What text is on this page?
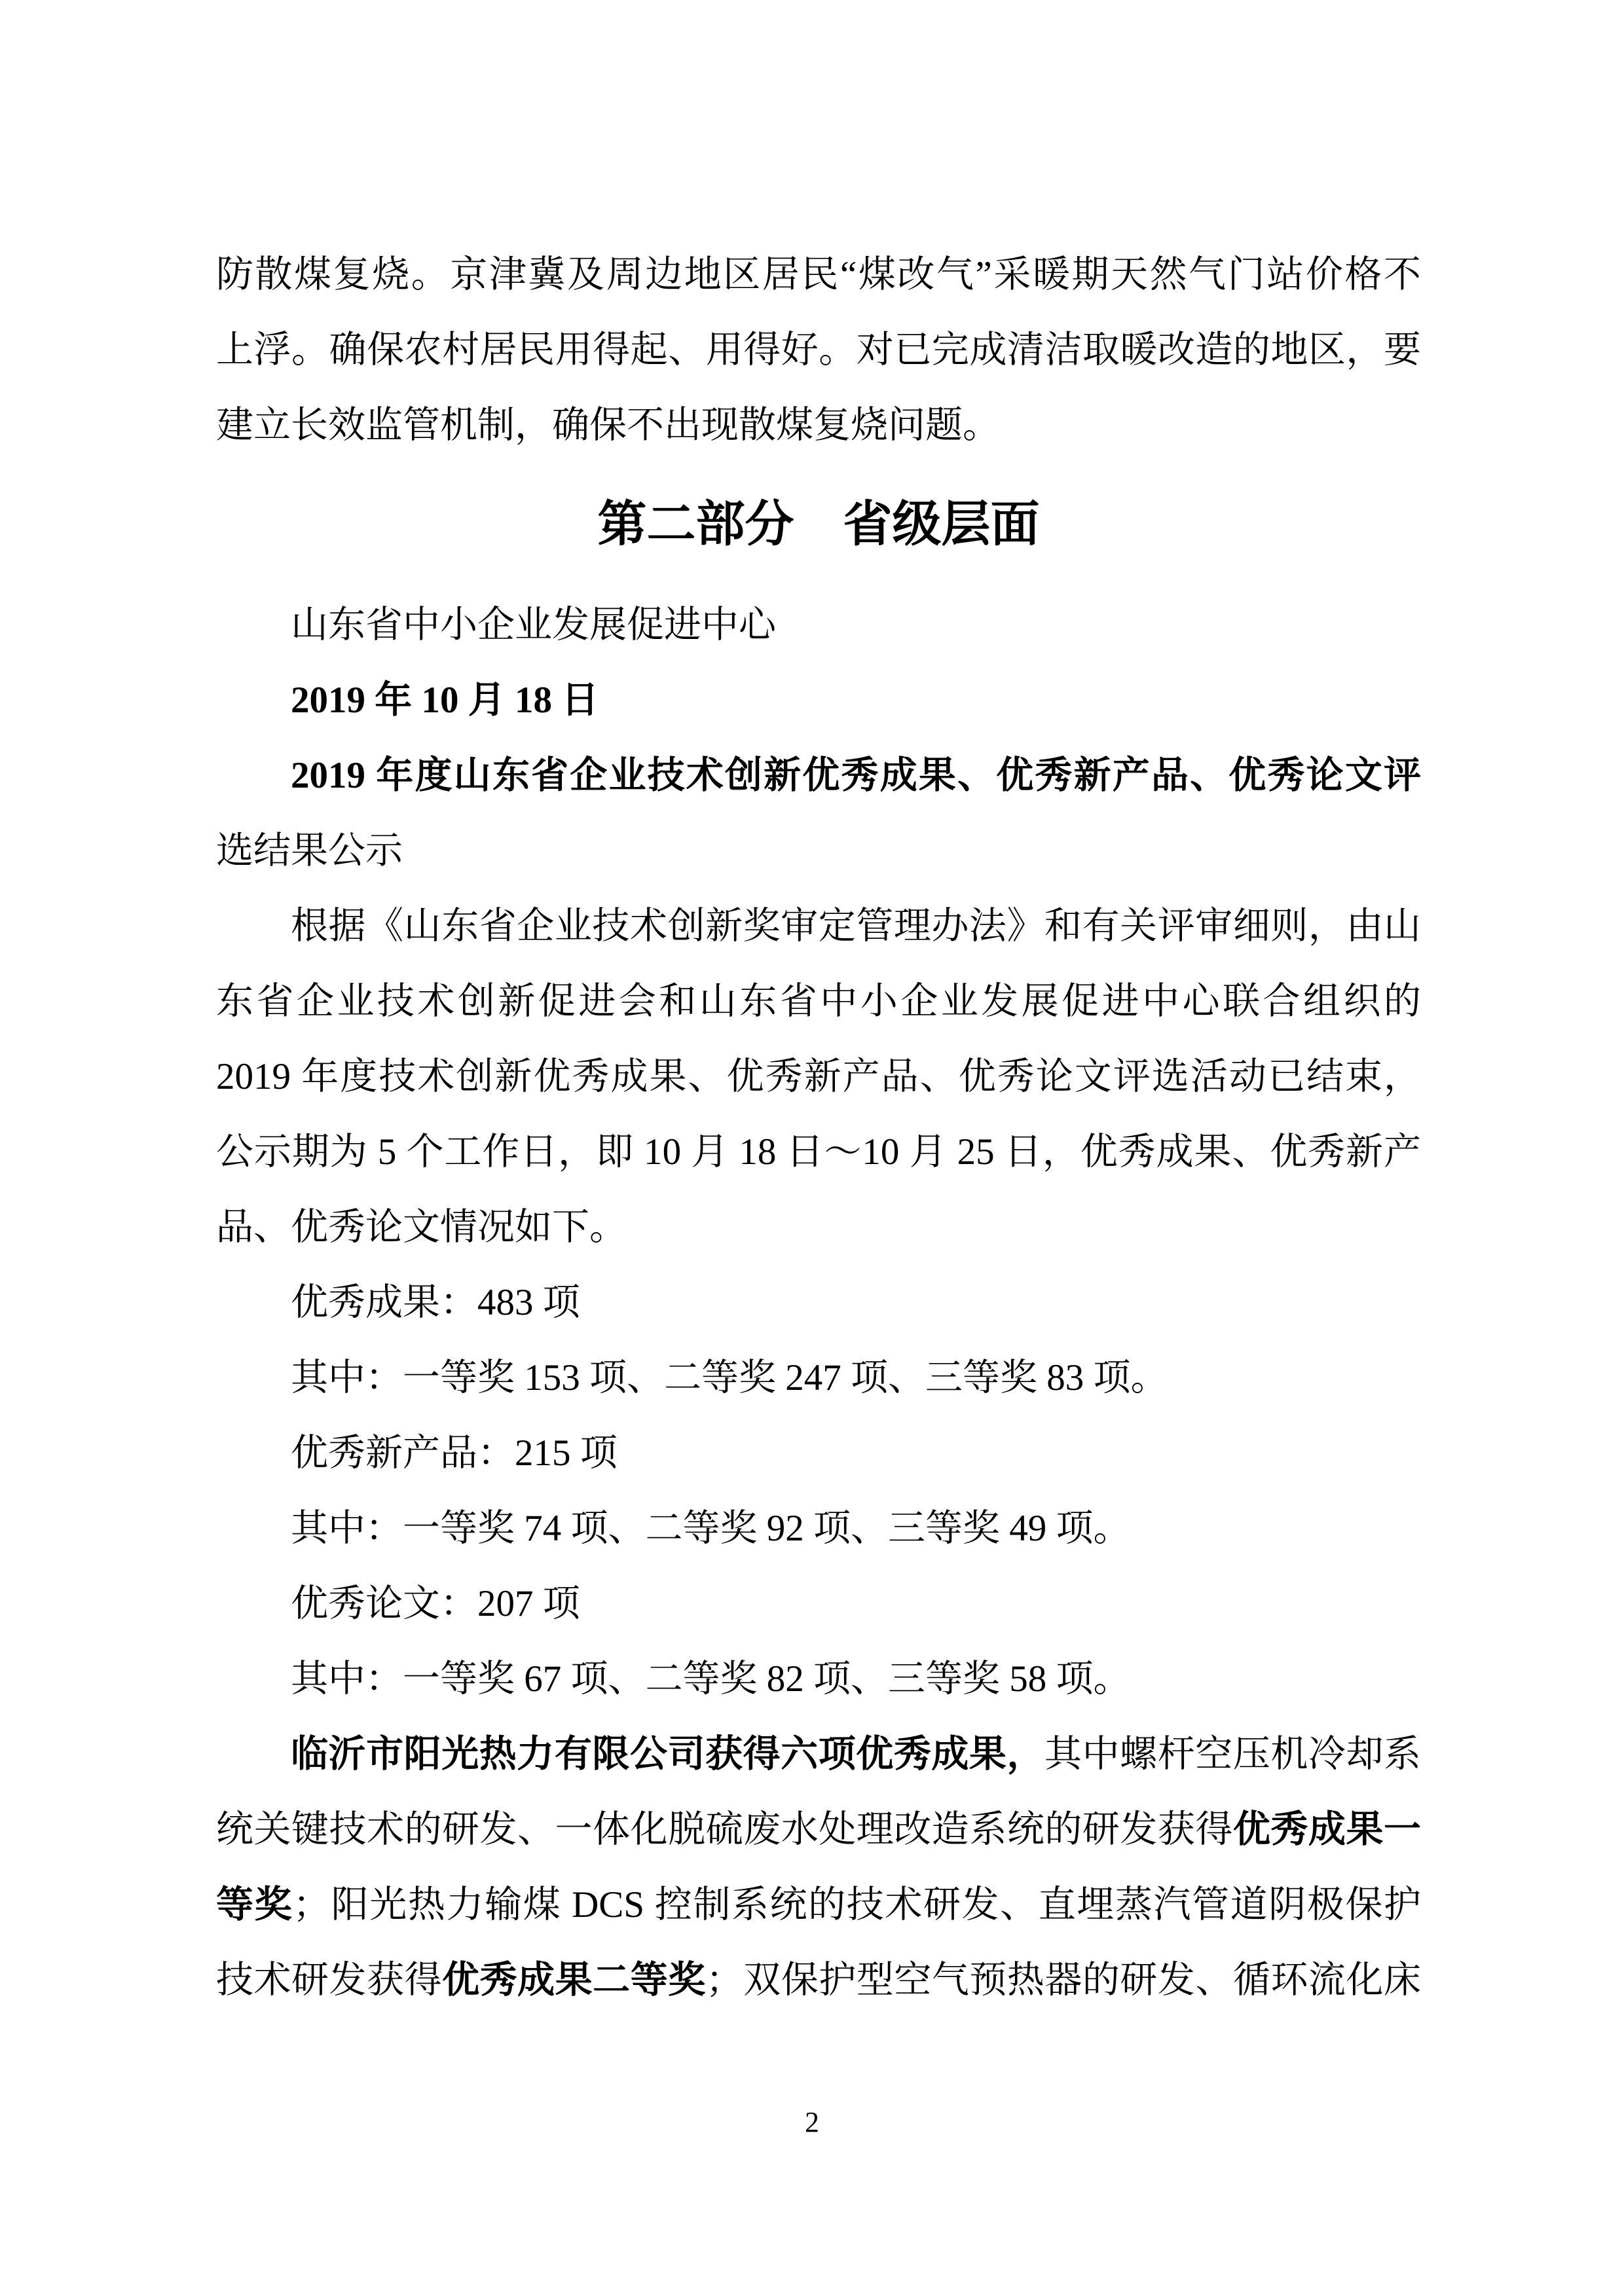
防散煤复烧。京津冀及周边地区居民“煤改气”采暖期天然气门站价格不
上浮。确保农村居民用得起、用得好。对已完成清洁取暖改造的地区，要
建立长效监管机制，确保不出现散煤复烧问题。
第二部分　省级层面
山东省中小企业发展促进中心
2019 年 10 月 18 日
2019 年度山东省企业技术创新优秀成果、优秀新产品、优秀论文评
选结果公示
根据《山东省企业技术创新奖审定管理办法》和有关评审细则，由山
东省企业技术创新促进会和山东省中小企业发展促进中心联合组织的
2019 年度技术创新优秀成果、优秀新产品、优秀论文评选活动已结束，
公示期为 5 个工作日，即 10 月 18 日～10 月 25 日，优秀成果、优秀新产
品、优秀论文情况如下。
优秀成果：483 项
其中：一等奖 153 项、二等奖 247 项、三等奖 83 项。
优秀新产品：215 项
其中：一等奖 74 项、二等奖 92 项、三等奖 49 项。
优秀论文：207 项
其中：一等奖 67 项、二等奖 82 项、三等奖 58 项。
临沂市阳光热力有限公司获得六项优秀成果，其中螺杆空压机冷却系
统关键技术的研发、一体化脱硫废水处理改造系统的研发获得优秀成果一
等奖；阳光热力输煤 DCS 控制系统的技术研发、直埋蒸汽管道阴极保护
技术研发获得优秀成果二等奖；双保护型空气预热器的研发、循环流化床
2
